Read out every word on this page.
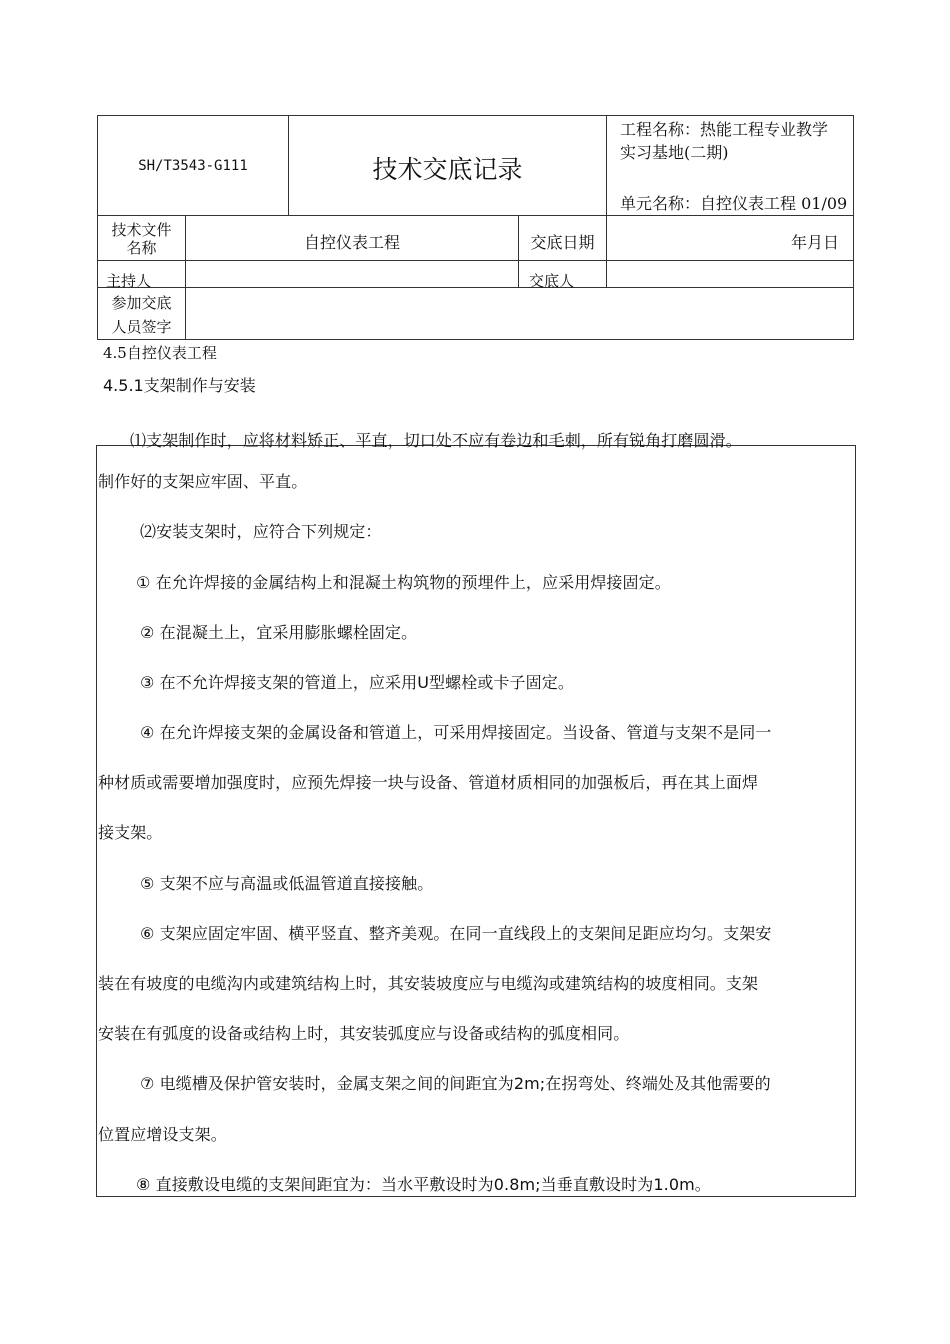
SH/T3543-G111	技术交底记录
工程名称：热能工程专业教学
实习基地(二期)
单元名称：自控仪表工程 01/09
技术文件
名称	自控仪表工程	交底日期	年月日
主持人	交底人
参加交底
人员签字
4.5自控仪表工程
4.5.1支架制作与安装
⑴支架制作时，应将材料矫正、平直，切口处不应有卷边和毛刺，所有锐角打磨圆滑。
制作好的支架应牢固、平直。
⑵安装支架时，应符合下列规定：
① 在允许焊接的金属结构上和混凝土构筑物的预埋件上，应采用焊接固定。
② 在混凝土上，宜采用膨胀螺栓固定。
③ 在不允许焊接支架的管道上，应采用U型螺栓或卡子固定。
④ 在允许焊接支架的金属设备和管道上，可采用焊接固定。当设备、管道与支架不是同一
种材质或需要增加强度时，应预先焊接一块与设备、管道材质相同的加强板后，再在其上面焊
接支架。
⑤ 支架不应与高温或低温管道直接接触。
⑥ 支架应固定牢固、横平竖直、整齐美观。在同一直线段上的支架间足距应均匀。支架安
装在有坡度的电缆沟内或建筑结构上时，其安装坡度应与电缆沟或建筑结构的坡度相同。支架
安装在有弧度的设备或结构上时，其安装弧度应与设备或结构的弧度相同。
⑦ 电缆槽及保护管安装时，金属支架之间的间距宜为2m;在拐弯处、终端处及其他需要的
位置应增设支架。
⑧ 直接敷设电缆的支架间距宜为：当水平敷设时为0.8m;当垂直敷设时为1.0m。
